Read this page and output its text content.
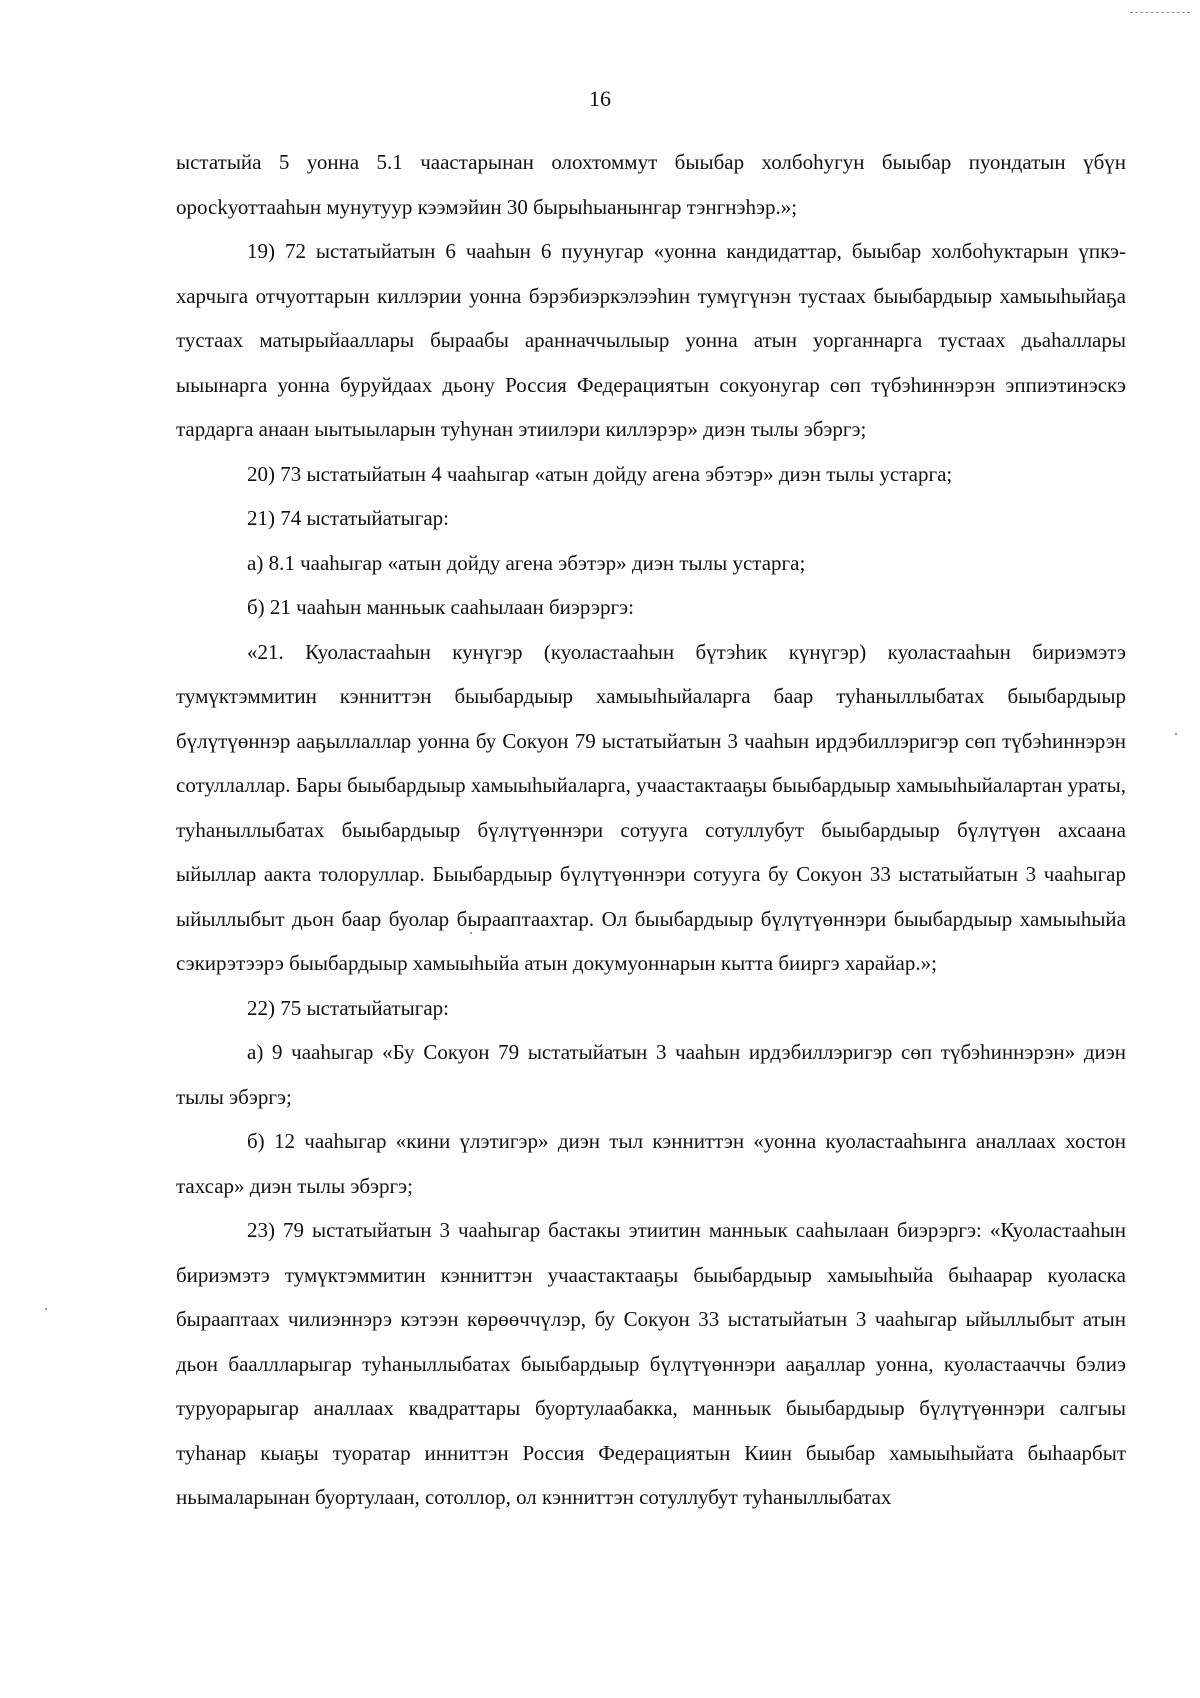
16

ыстатыйа 5 уонна 5.1 чаастарынан олохтоммут быыбар холбоһугун быыбар пуондатын үбүн оросkуоттааһын мунутуур кээмэйин 30 бырыһыанынгар тэнгнэһэр.»;

19) 72 ыстатыйатын 6 чааһын 6 пуунугар «уонна кандидаттар, быыбар холбоһуктарын үпкэ-харчыга отчуоттарын киллэрии уонна бэрэбиэркэлээһин тумүгүнэн тустаах быыбардыыр хамыыһыйаҕа тустаах матырыйааллары быраабы аранначчылыыр уонна атын уорганнарга тустаах дьаһаллары ыыынарга уонна буруйдаах дьону Россия Федерациятын сокуонугар сөп түбэһиннэрэн эппиэтинэскэ тардарга анаан ыытыыларын туһунан этиилэри киллэрэр» диэн тылы эбэргэ;

20) 73 ыстатыйатын 4 чааһыгар «атын дойду агена эбэтэр» диэн тылы устарга;

21) 74 ыстатыйатыгар:

а) 8.1 чааһыгар «атын дойду агена эбэтэр» диэн тылы устарга;

б) 21 чааһын манньык сааһылаан биэрэргэ:

«21. Куоластааһын кунүгэр (куоластааһын бүтэһик күнүгэр) куоластааһын бириэмэтэ тумүктэммитин кэнниттэн быыбардыыр хамыыһыйаларга баар туһаныллыбатах быыбардыыр бүлүтүөннэр ааҕыллаллар уонна бу Сокуон 79 ыстатыйатын 3 чааһын ирдэбиллэригэр сөп түбэһиннэрэн сотуллаллар. Бары быыбардыыр хамыыһыйаларга, учаастактааҕы быыбардыыр хамыыһыйалартан ураты, туһаныллыбатах быыбардыыр бүлүтүөннэри сотууга сотуллубут быыбардыыр бүлүтүөн ахсаана ыйыллар аакта толоруллар. Быыбардыыр бүлүтүөннэри сотууга бу Сокуон 33 ыстатыйатын 3 чааһыгар ыйыллыбыт дьон баар буолар бырааптаахтар. Ол быыбардыыр бүлүтүөннэри быыбардыыр хамыыһыйа сэкирэтээрэ быыбардыыр хамыыһыйа атын докумуоннарын кытта бииргэ харайар.»;

22) 75 ыстатыйатыгар:

а) 9 чааһыгар «Бу Сокуон 79 ыстатыйатын 3 чааһын ирдэбиллэригэр сөп түбэһиннэрэн» диэн тылы эбэргэ;

б) 12 чааһыгар «кини үлэтигэр» диэн тыл кэнниттэн «уонна куоластааһынга аналлаах хостон тахсар» диэн тылы эбэргэ;

23) 79 ыстатыйатын 3 чааһыгар бастакы этиитин манньык сааһылаан биэрэргэ: «Куоластааһын бириэмэтэ тумүктэммитин кэнниттэн учаастактааҕы быыбардыыр хамыыһыйа быһаарар куоласка бырааптаах чилиэннэрэ кэтээн көрөөччүлэр, бу Сокуон 33 ыстатыйатын 3 чааһыгар ыйыллыбыт атын дьон бааллларыгар туһаныллыбатах быыбардыыр бүлүтүөннэри ааҕаллар уонна, куоластааччы бэлиэ туруорарыгар аналлаах квадраттары буортулаабакка, манньык быыбардыыр бүлүтүөннэри салгыы туһанар кыаҕы туоратар инниттэн Россия Федерациятын Киин быыбар хамыыһыйата быһаарбыт ньымаларынан буортулаан, сотоллор, ол кэнниттэн сотуллубут туһаныллыбатах
